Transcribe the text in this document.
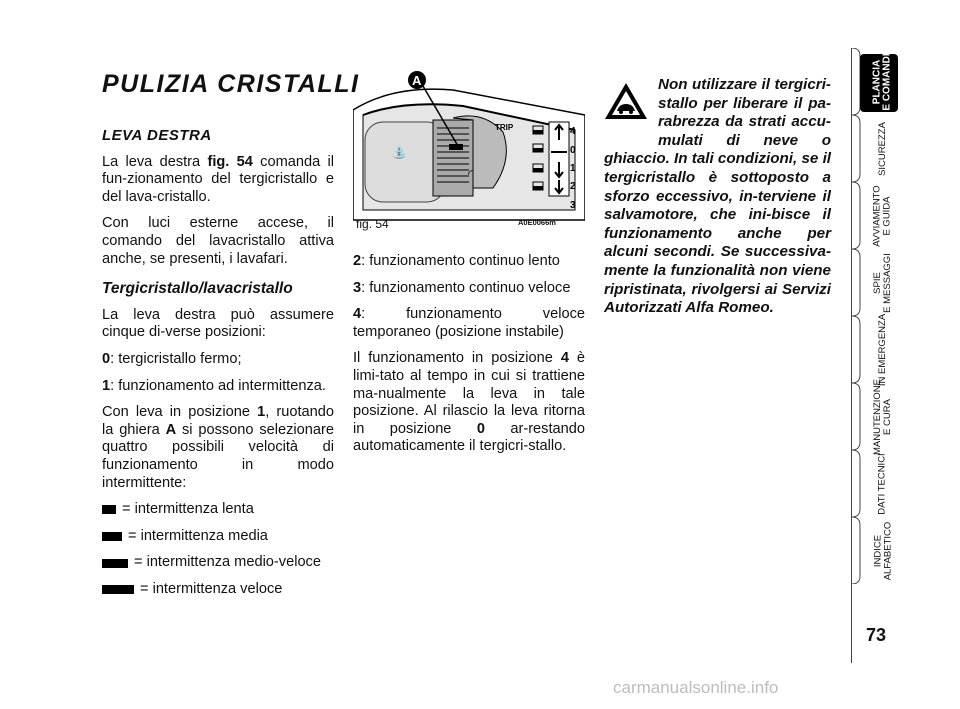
PULIZIA CRISTALLI
LEVA DESTRA

La leva destra fig. 54 comanda il fun-zionamento del tergicristallo e del lava-cristallo.

Con luci esterne accese, il comando del lavacristallo attiva anche, se presenti, i lavafari.

Tergicristallo/lavacristallo

La leva destra può assumere cinque di-verse posizioni:

0: tergicristallo fermo;

1: funzionamento ad intermittenza.

Con leva in posizione 1, ruotando la ghiera A si possono selezionare quattro possibili velocità di funzionamento in modo intermittente:

= intermittenza lenta
= intermittenza media
= intermittenza medio-veloce
= intermittenza veloce
⛲
◜
TRIP	4
0
1
2
3
A
fig. 54	A0E0066m

2: funzionamento continuo lento

3: funzionamento continuo veloce

4: funzionamento veloce temporaneo (posizione instabile)

Il funzionamento in posizione 4 è limi-tato al tempo in cui si trattiene ma-nualmente la leva in tale posizione. Al rilascio la leva ritorna in posizione 0 ar-restando automaticamente il tergicri-stallo.

Non utilizzare il tergicri-stallo per liberare il pa-rabrezza da strati accu-mulati di neve o ghiaccio. In tali condizioni, se il tergicristallo è sottoposto a sforzo eccessivo, in-terviene il salvamotore, che ini-bisce il funzionamento anche per alcuni secondi. Se successiva-mente la funzionalità non viene ripristinata, rivolgersi ai Servizi Autorizzati Alfa Romeo.

PLANCIA
E COMANDI
SICUREZZA
AVVIAMENTO
E GUIDA
SPIE
E MESSAGGI
IN EMERGENZA
MANUTENZIONE
E CURA
DATI TECNICI
INDICE
ALFABETICO
73
carmanualsonline.info
